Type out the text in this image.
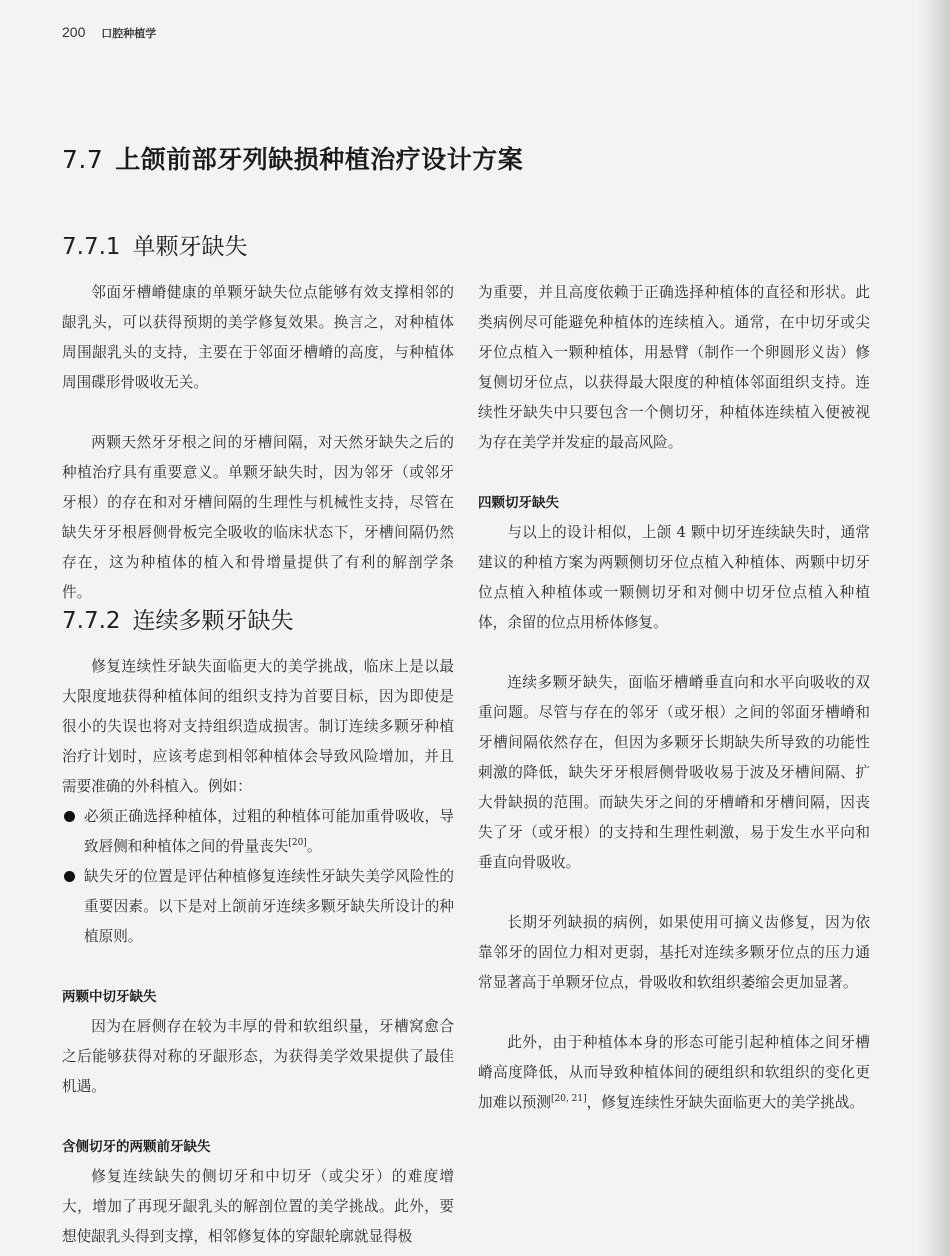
200 口腔种植学
7.7 上颌前部牙列缺损种植治疗设计方案
7.7.1 单颗牙缺失

邻面牙槽嵴健康的单颗牙缺失位点能够有效支撑相邻的龈乳头，可以获得预期的美学修复效果。换言之，对种植体周围龈乳头的支持，主要在于邻面牙槽嵴的高度，与种植体周围碟形骨吸收无关。

两颗天然牙牙根之间的牙槽间隔，对天然牙缺失之后的种植治疗具有重要意义。单颗牙缺失时，因为邻牙（或邻牙牙根）的存在和对牙槽间隔的生理性与机械性支持，尽管在缺失牙牙根唇侧骨板完全吸收的临床状态下，牙槽间隔仍然存在，这为种植体的植入和骨增量提供了有利的解剖学条件。

7.7.2 连续多颗牙缺失

修复连续性牙缺失面临更大的美学挑战，临床上是以最大限度地获得种植体间的组织支持为首要目标，因为即使是很小的失误也将对支持组织造成损害。制订连续多颗牙种植治疗计划时，应该考虑到相邻种植体会导致风险增加，并且需要准确的外科植入。例如：

必须正确选择种植体，过粗的种植体可能加重骨吸收，导致唇侧和种植体之间的骨量丧失[20]。
缺失牙的位置是评估种植修复连续性牙缺失美学风险性的重要因素。以下是对上颌前牙连续多颗牙缺失所设计的种植原则。
两颗中切牙缺失

因为在唇侧存在较为丰厚的骨和软组织量，牙槽窝愈合之后能够获得对称的牙龈形态，为获得美学效果提供了最佳机遇。

含侧切牙的两颗前牙缺失

修复连续缺失的侧切牙和中切牙（或尖牙）的难度增大，增加了再现牙龈乳头的解剖位置的美学挑战。此外，要想使龈乳头得到支撑，相邻修复体的穿龈轮廓就显得极

为重要，并且高度依赖于正确选择种植体的直径和形状。此类病例尽可能避免种植体的连续植入。通常，在中切牙或尖牙位点植入一颗种植体，用悬臂（制作一个卵圆形义齿）修复侧切牙位点，以获得最大限度的种植体邻面组织支持。连续性牙缺失中只要包含一个侧切牙，种植体连续植入便被视为存在美学并发症的最高风险。

四颗切牙缺失

与以上的设计相似，上颌 4 颗中切牙连续缺失时，通常建议的种植方案为两颗侧切牙位点植入种植体、两颗中切牙位点植入种植体或一颗侧切牙和对侧中切牙位点植入种植体，余留的位点用桥体修复。

连续多颗牙缺失，面临牙槽嵴垂直向和水平向吸收的双重问题。尽管与存在的邻牙（或牙根）之间的邻面牙槽嵴和牙槽间隔依然存在，但因为多颗牙长期缺失所导致的功能性刺激的降低，缺失牙牙根唇侧骨吸收易于波及牙槽间隔、扩大骨缺损的范围。而缺失牙之间的牙槽嵴和牙槽间隔，因丧失了牙（或牙根）的支持和生理性刺激，易于发生水平向和垂直向骨吸收。

长期牙列缺损的病例，如果使用可摘义齿修复，因为依靠邻牙的固位力相对更弱，基托对连续多颗牙位点的压力通常显著高于单颗牙位点，骨吸收和软组织萎缩会更加显著。

此外，由于种植体本身的形态可能引起种植体之间牙槽嵴高度降低，从而导致种植体间的硬组织和软组织的变化更加难以预测[20, 21]，修复连续性牙缺失面临更大的美学挑战。
